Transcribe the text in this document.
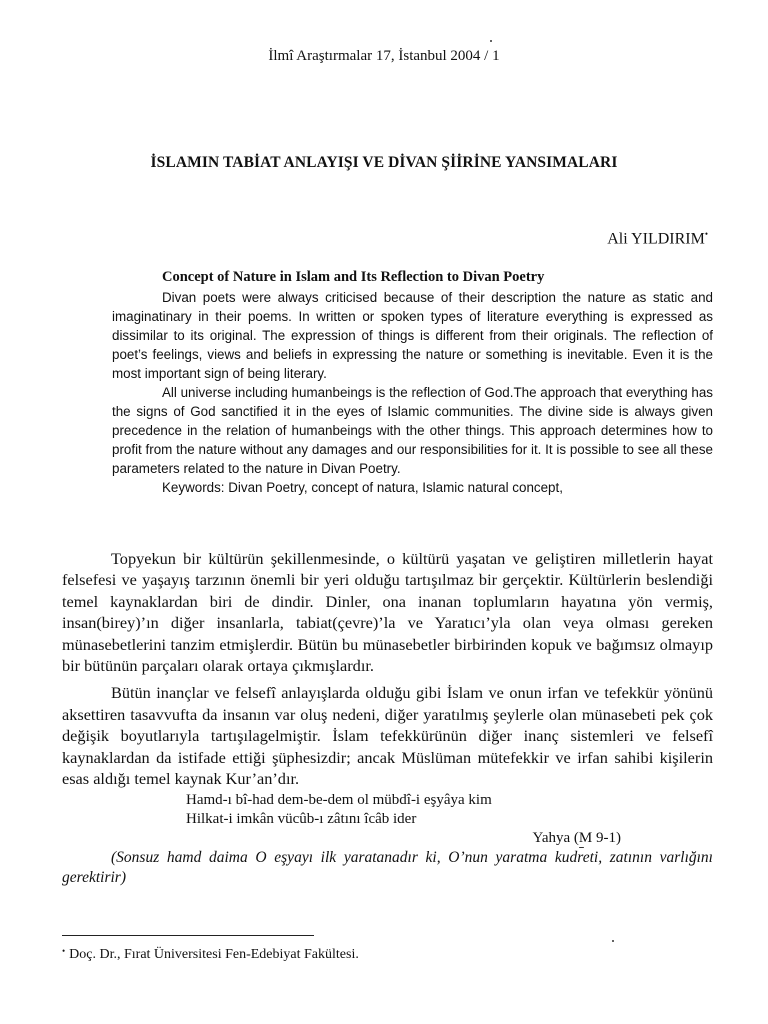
İlmî Araştırmalar 17, İstanbul 2004 / 1
İSLAMIN TABİAT ANLAYIŞI VE DİVAN ŞİİRİNE YANSIMALARI
Ali YILDIRIM•
Concept of Nature in Islam and Its Reflection to Divan Poetry

Divan poets were always criticised because of their description the nature as static and imaginatinary in their poems. In written or spoken types of literature everything is expressed as dissimilar to its original. The expression of things is different from their originals. The reflection of poet’s feelings, views and beliefs in expressing the nature or something is inevitable. Even it is the most important sign of being literary.

All universe including humanbeings is the reflection of God.The approach that everything has the signs of God sanctified it in the eyes of Islamic communities. The divine side is always given precedence in the relation of humanbeings with the other things. This approach determines how to profit from the nature without any damages and our responsibilities for it. It is possible to see all these parameters related to the nature in Divan Poetry.

Keywords: Divan Poetry, concept of natura, Islamic natural concept,

Topyekun bir kültürün şekillenmesinde, o kültürü yaşatan ve geliştiren milletlerin hayat felsefesi ve yaşayış tarzının önemli bir yeri olduğu tartışılmaz bir gerçektir. Kültürlerin beslendiği temel kaynaklardan biri de dindir. Dinler, ona inanan toplumların hayatına yön vermiş, insan(birey)’ın diğer insanlarla, tabiat(çevre)’la ve Yaratıcı’yla olan veya olması gereken münasebetlerini tanzim etmişlerdir. Bütün bu münasebetler birbirinden kopuk ve bağımsız olmayıp bir bütünün parçaları olarak ortaya çıkmışlardır.

Bütün inançlar ve felsefî anlayışlarda olduğu gibi İslam ve onun irfan ve tefekkür yönünü aksettiren tasavvufta da insanın var oluş nedeni, diğer yaratılmış şeylerle olan münasebeti pek çok değişik boyutlarıyla tartışılagelmiştir. İslam tefekkürünün diğer inanç sistemleri ve felsefî kaynaklardan da istifade ettiği şüphesizdir; ancak Müslüman mütefekkir ve irfan sahibi kişilerin esas aldığı temel kaynak Kur’an’dır.

Hamd-ı bî-had dem-be-dem ol mübdî-i eşyâya kim
Hilkat-i imkân vücûb-ı zâtını îcâb ider
Yahya (M 9-1)

(Sonsuz hamd daima O eşyayı ilk yaratanadır ki, O’nun yaratma kudreti, zatının varlığını gerektirir)

• Doç. Dr., Fırat Üniversitesi Fen-Edebiyat Fakültesi.
